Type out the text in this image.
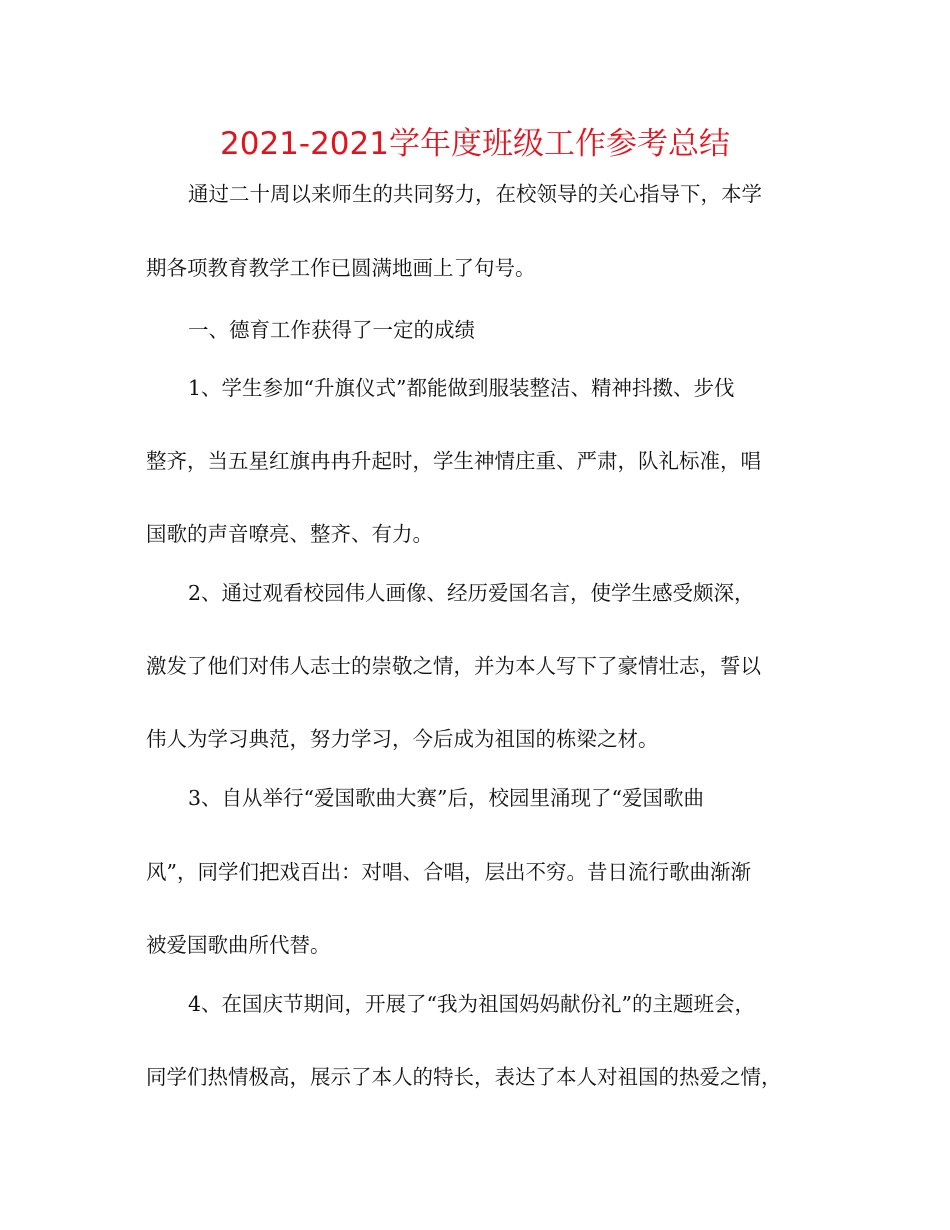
2021-2021学年度班级工作参考总结

通过二十周以来师生的共同努力，在校领导的关心指导下，本学

期各项教育教学工作已圆满地画上了句号。

一、德育工作获得了一定的成绩

1、学生参加“升旗仪式”都能做到服装整洁、精神抖擞、步伐

整齐，当五星红旗冉冉升起时，学生神情庄重、严肃，队礼标准，唱

国歌的声音嘹亮、整齐、有力。

2、通过观看校园伟人画像、经历爱国名言，使学生感受颇深，

激发了他们对伟人志士的崇敬之情，并为本人写下了豪情壮志，誓以

伟人为学习典范，努力学习，今后成为祖国的栋梁之材。

3、自从举行“爱国歌曲大赛”后，校园里涌现了“爱国歌曲

风”，同学们把戏百出：对唱、合唱，层出不穷。昔日流行歌曲渐渐

被爱国歌曲所代替。

4、在国庆节期间，开展了“我为祖国妈妈献份礼”的主题班会，

同学们热情极高，展示了本人的特长，表达了本人对祖国的热爱之情，
